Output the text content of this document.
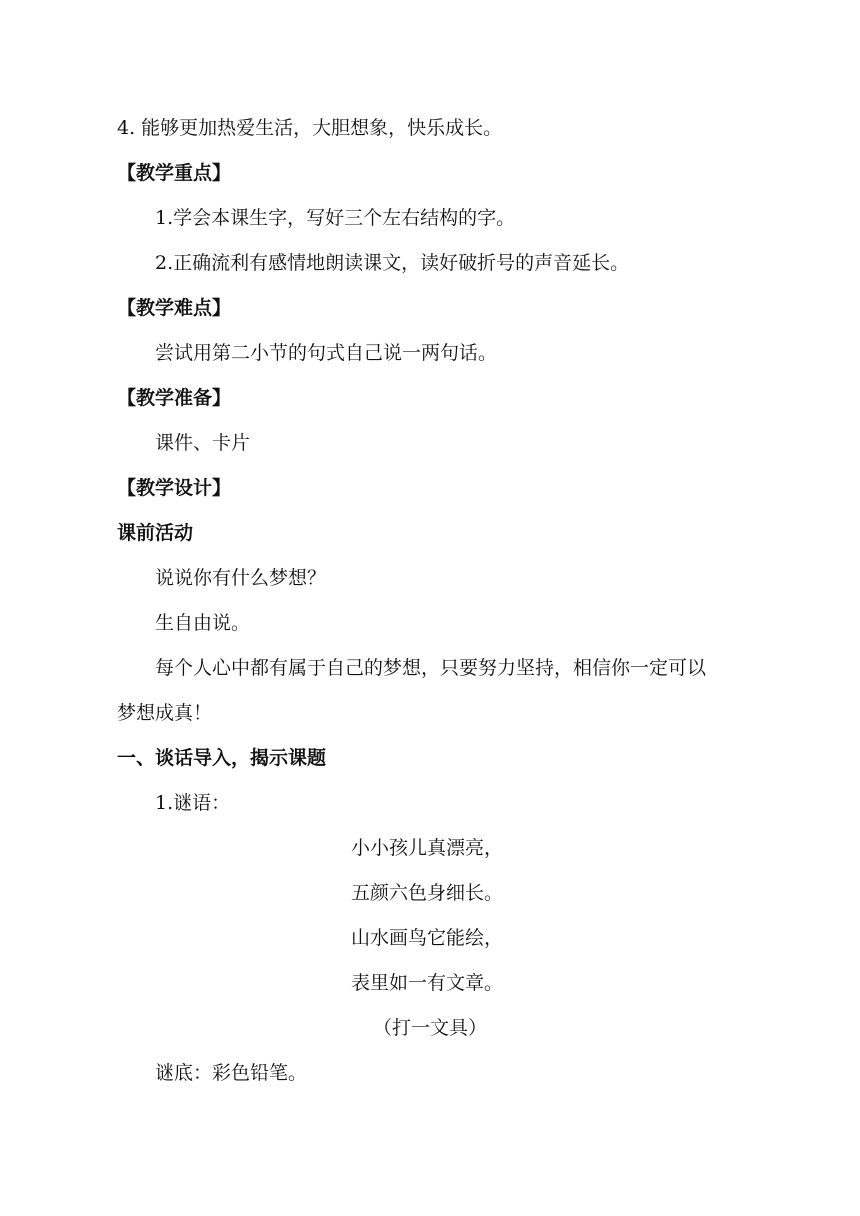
4. 能够更加热爱生活，大胆想象，快乐成长。
【教学重点】
1.学会本课生字，写好三个左右结构的字。
2.正确流利有感情地朗读课文，读好破折号的声音延长。
【教学难点】
尝试用第二小节的句式自己说一两句话。
【教学准备】
课件、卡片
【教学设计】
课前活动
说说你有什么梦想？
生自由说。
每个人心中都有属于自己的梦想，只要努力坚持，相信你一定可以
梦想成真！
一、谈话导入，揭示课题
1.谜语：
小小孩儿真漂亮，
五颜六色身细长。
山水画鸟它能绘，
表里如一有文章。
（打一文具）
谜底：彩色铅笔。
